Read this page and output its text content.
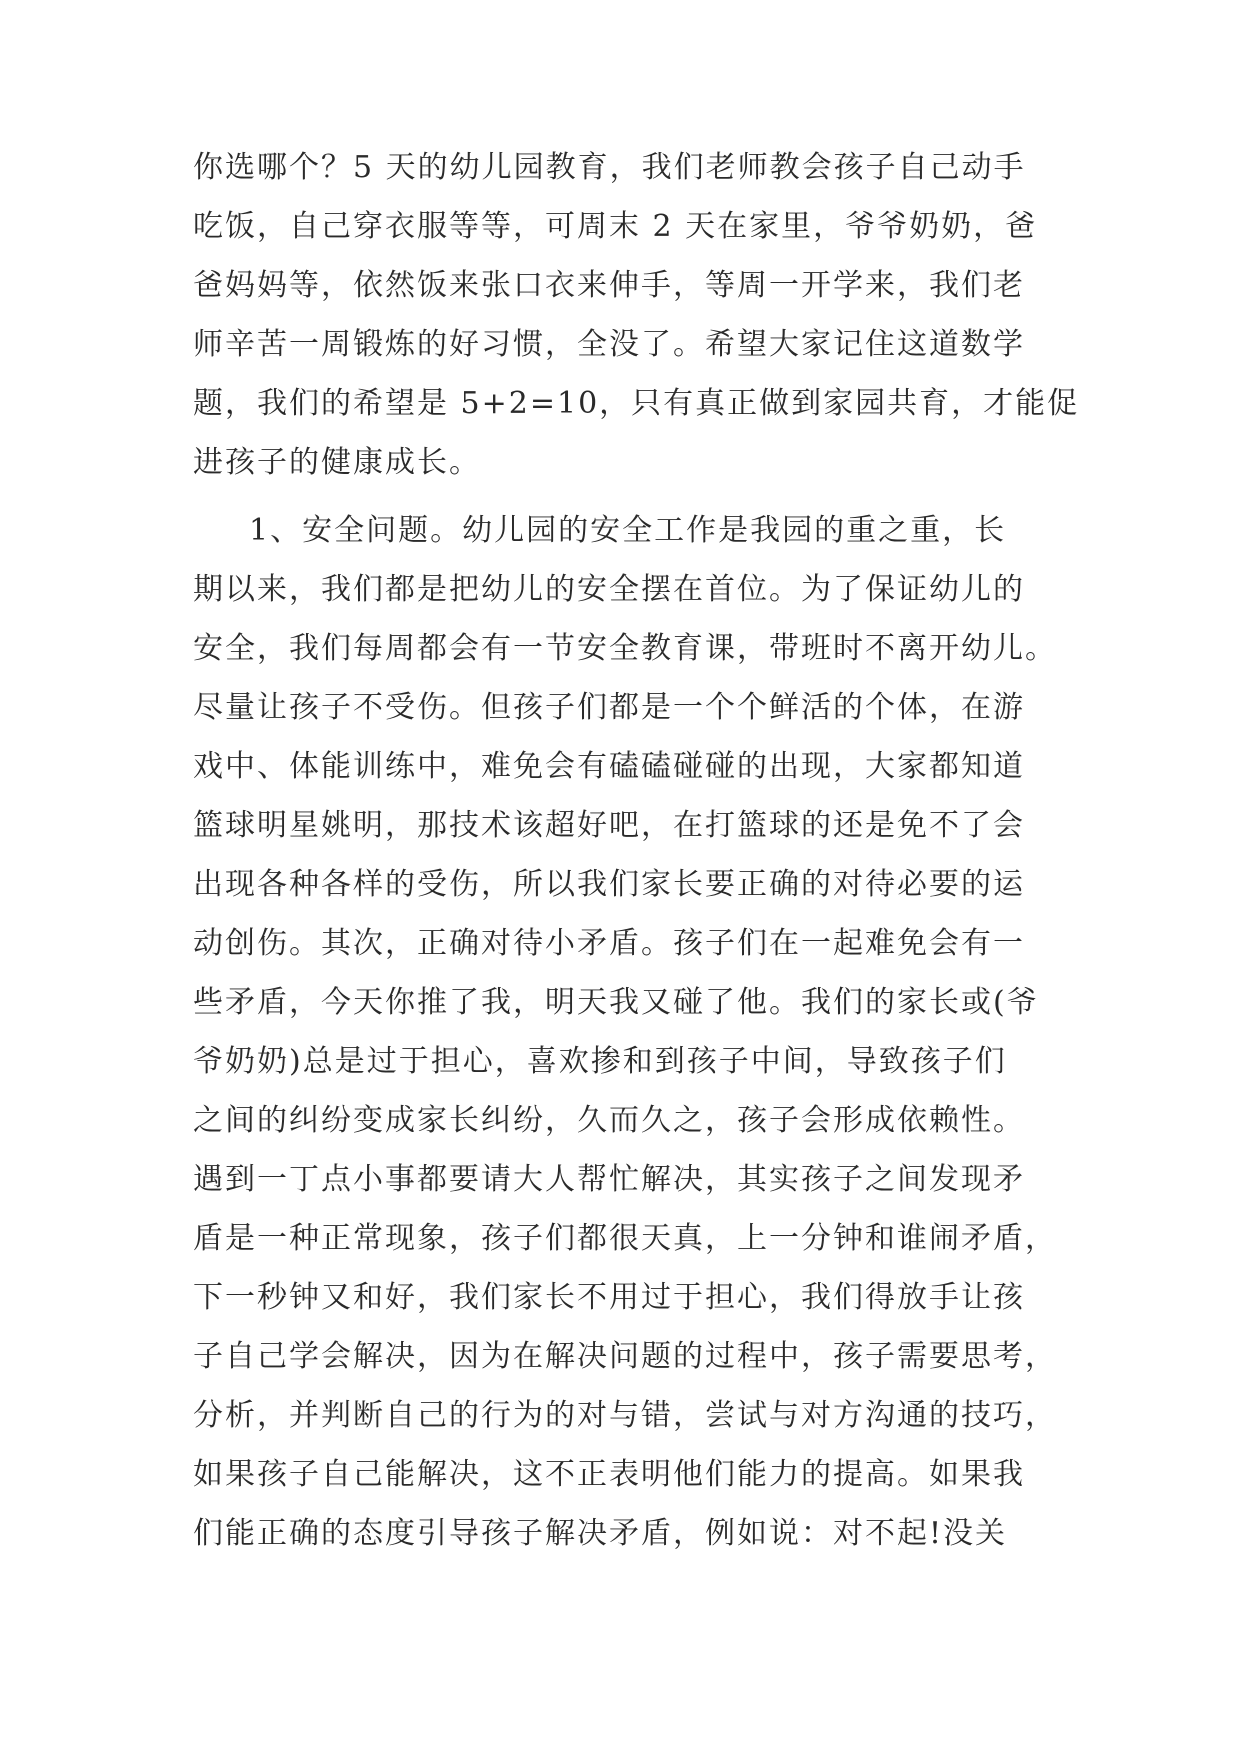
你选哪个？5 天的幼儿园教育，我们老师教会孩子自己动手
吃饭，自己穿衣服等等，可周末 2 天在家里，爷爷奶奶，爸
爸妈妈等，依然饭来张口衣来伸手，等周一开学来，我们老
师辛苦一周锻炼的好习惯，全没了。希望大家记住这道数学
题，我们的希望是 5+2=10，只有真正做到家园共育，才能促
进孩子的健康成长。
1、安全问题。幼儿园的安全工作是我园的重之重，长
期以来，我们都是把幼儿的安全摆在首位。为了保证幼儿的
安全，我们每周都会有一节安全教育课，带班时不离开幼儿。
尽量让孩子不受伤。但孩子们都是一个个鲜活的个体，在游
戏中、体能训练中，难免会有磕磕碰碰的出现，大家都知道
篮球明星姚明，那技术该超好吧，在打篮球的还是免不了会
出现各种各样的受伤，所以我们家长要正确的对待必要的运
动创伤。其次，正确对待小矛盾。孩子们在一起难免会有一
些矛盾，今天你推了我，明天我又碰了他。我们的家长或(爷
爷奶奶)总是过于担心，喜欢掺和到孩子中间，导致孩子们
之间的纠纷变成家长纠纷，久而久之，孩子会形成依赖性。
遇到一丁点小事都要请大人帮忙解决，其实孩子之间发现矛
盾是一种正常现象，孩子们都很天真，上一分钟和谁闹矛盾，
下一秒钟又和好，我们家长不用过于担心，我们得放手让孩
子自己学会解决，因为在解决问题的过程中，孩子需要思考，
分析，并判断自己的行为的对与错，尝试与对方沟通的技巧，
如果孩子自己能解决，这不正表明他们能力的提高。如果我
们能正确的态度引导孩子解决矛盾，例如说：对不起!没关
